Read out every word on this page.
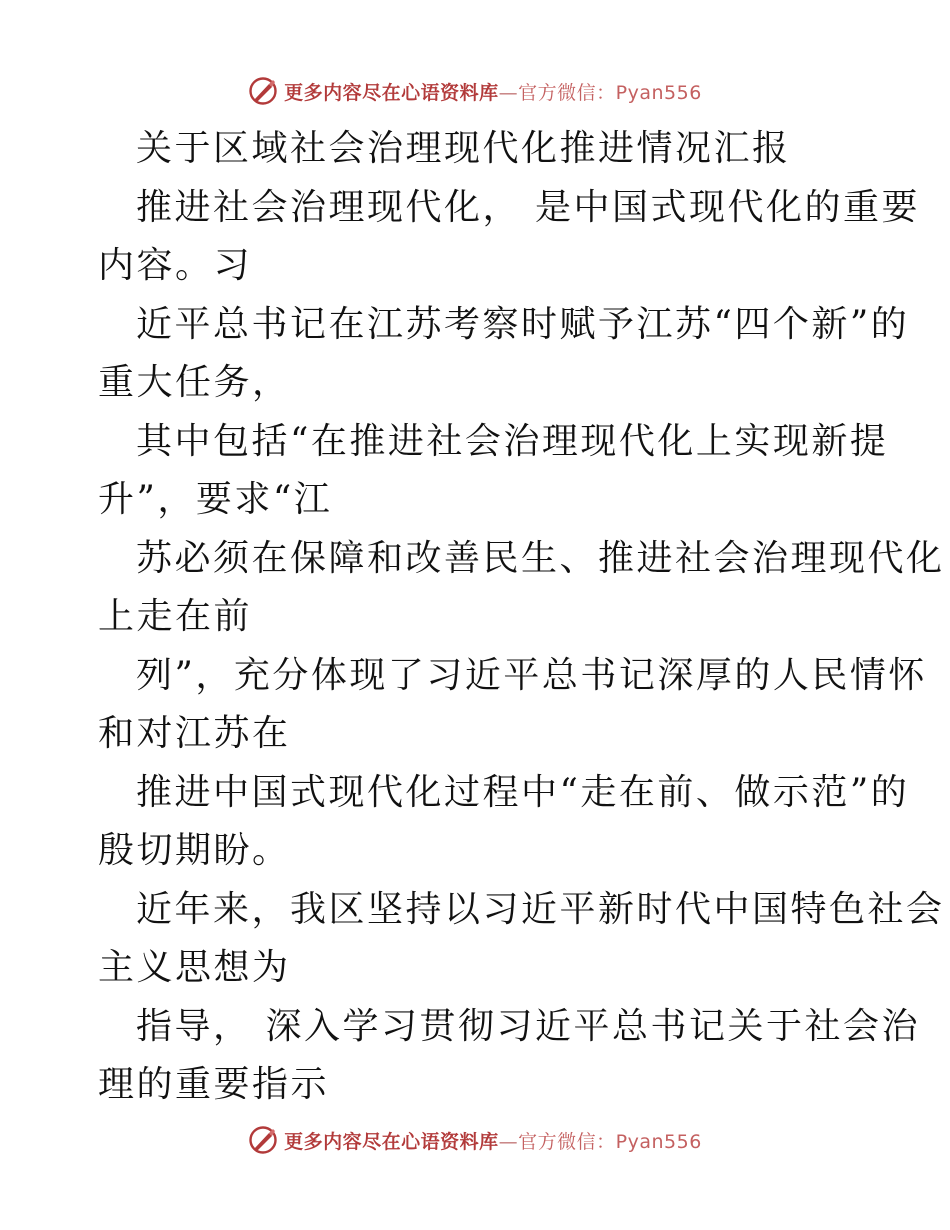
更多内容尽在心语资料库—官方微信：Pyan556
关于区域社会治理现代化推进情况汇报
推进社会治理现代化， 是中国式现代化的重要
内容。习
近平总书记在江苏考察时赋予江苏“四个新”的
重大任务，
其中包括“在推进社会治理现代化上实现新提
升”，要求“江
苏必须在保障和改善民生、推进社会治理现代化
上走在前
列”，充分体现了习近平总书记深厚的人民情怀
和对江苏在
推进中国式现代化过程中“走在前、做示范”的
殷切期盼。
近年来，我区坚持以习近平新时代中国特色社会
主义思想为
指导， 深入学习贯彻习近平总书记关于社会治
理的重要指示
更多内容尽在心语资料库—官方微信：Pyan556
